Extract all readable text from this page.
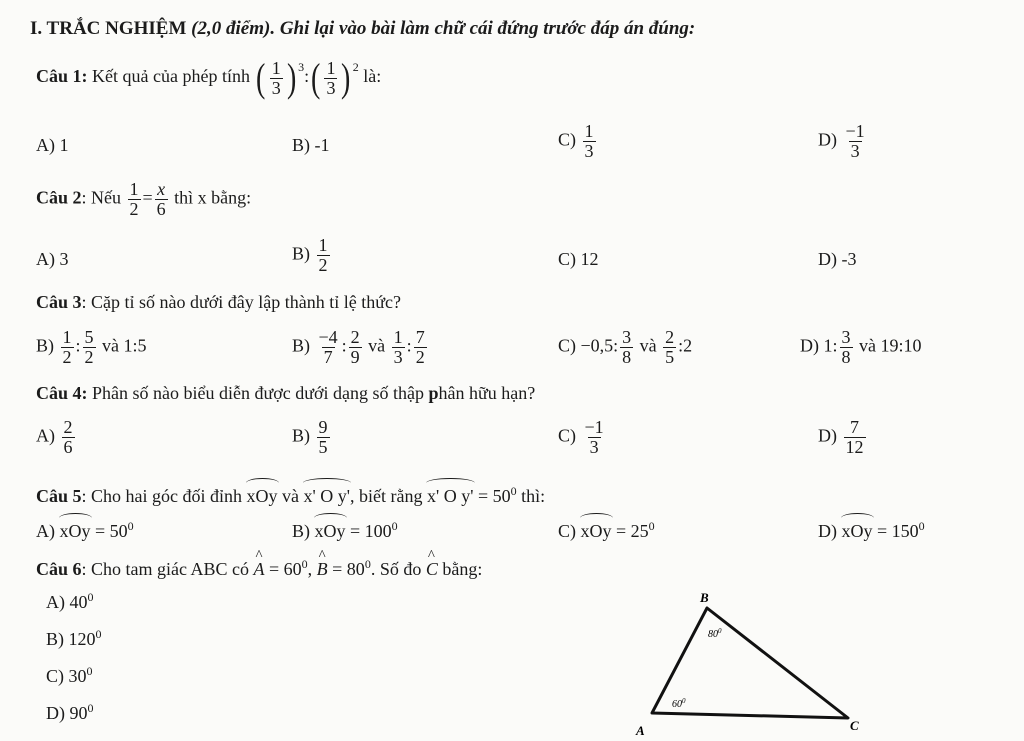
I. TRẮC NGHIỆM (2,0 điểm). Ghi lại vào bài làm chữ cái đứng trước đáp án đúng:
Câu 1: Kết quả của phép tính ( $\frac{1}{3} )^3$ : ( $\frac{1}{3} )^2$ là:
A) 1	B) -1	$C) \frac{1}{3}$	$D) \frac{-1}{3}$
Câu 2: Nếu $\frac{1}{2} = \frac{x}{6}$ thì x bằng:
A) 3	$B) \frac{1}{2}$	C) 12	D) -3
Câu 3: Cặp tỉ số nào dưới đây lập thành tỉ lệ thức?
$B) \frac{1}{2}$ : $\frac{5}{2}$ và 1:5	$B) \frac{-4}{7}$ : $\frac{2}{9}$ và $\frac{1}{3}$ : $\frac{7}{2}$	C) −0,5: $\frac{3}{8}$ và $\frac{2}{5}$ :2	D) 1: $\frac{3}{8}$ và 19:10
Câu 4: Phân số nào biểu diễn được dưới dạng số thập phân hữu hạn?
$A) \frac{2}{6}$	$B) \frac{9}{5}$	$C) \frac{-1}{3}$	$D) \frac{7}{12}$
Câu 5: Cho hai góc đối đỉnh xOy và x' O y', biết rằng x' O $y' = 50^0$ thì:
A) xOy = $50^0$	B) xOy = $100^0$	C) xOy = $25^0$	D) xOy = $150^0$
Câu 6: Cho tam giác ABC có ^ $A = 60^0$, ^ $B = 80^0$. Số đo ^ C bằng:
A) $40^0$
B) $120^0$
C) $30^0$
D) $90^0$
B
A	C
$80^0$
$60^0$
